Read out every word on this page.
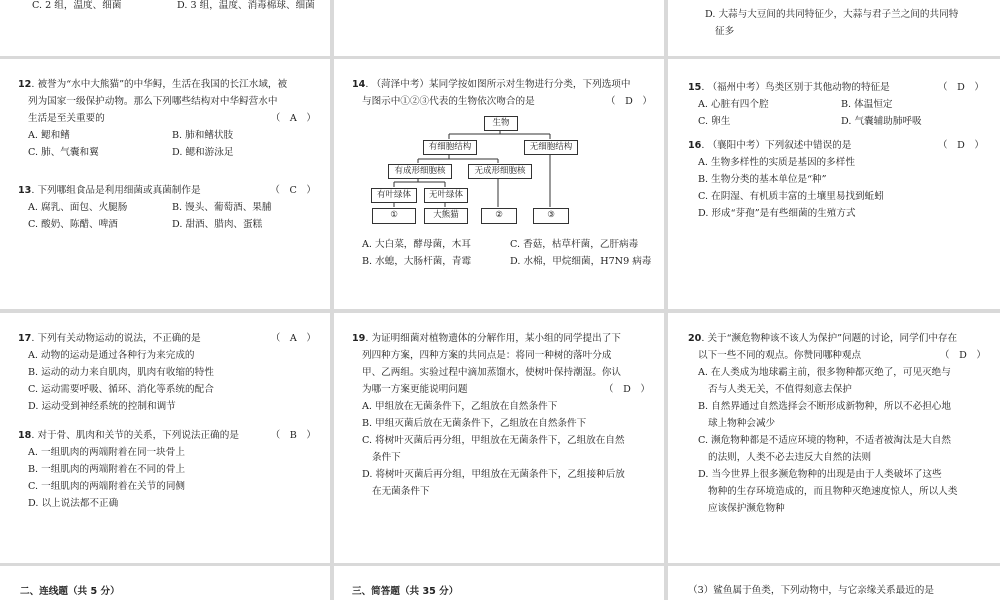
C. 2 组，温度、细菌	D. 3 组，温度、消毒棉球、细菌
D. 大蒜与大豆间的共同特征少，大蒜与君子兰之间的共同特
征多
12. 被誉为“水中大熊猫”的中华鲟，生活在我国的长江水域，被
列为国家一级保护动物。那么下列哪些结构对中华鲟营水中
生活是至关重要的	（　A　）
A. 鳃和鳍	B. 肺和鳍状肢
C. 肺、气囊和翼	D. 鳃和游泳足
13. 下列哪组食品是利用细菌或真菌制作是	（　C　）
A. 腐乳、面包、火腿肠	B. 馒头、葡萄酒、果脯
C. 酸奶、陈醋、啤酒	D. 甜酒、腊肉、蛋糕
14. （菏泽中考）某同学按如图所示对生物进行分类，下列选项中
与图示中①②③代表的生物依次吻合的是	（　D　）
生物
有细胞结构	无细胞结构
有成形细胞核	无成形细胞核
有叶绿体	无叶绿体
①	大熊猫	②	③
A. 大白菜，酵母菌，木耳	C. 香菇，枯草杆菌，乙肝病毒
B. 水螅，大肠杆菌，青霉	D. 水棉，甲烷细菌，H7N9 病毒
15. （福州中考）鸟类区别于其他动物的特征是	（　D　）
A. 心脏有四个腔	B. 体温恒定
C. 卵生	D. 气囊辅助肺呼吸
16. （襄阳中考）下列叙述中错误的是	（　D　）
A. 生物多样性的实质是基因的多样性
B. 生物分类的基本单位是“种”
C. 在阴湿、有机质丰富的土壤里易找到蚯蚓
D. 形成“芽孢”是有些细菌的生殖方式
17. 下列有关动物运动的说法，不正确的是	（　A　）
A. 动物的运动是通过各种行为来完成的
B. 运动的动力来自肌肉，肌肉有收缩的特性
C. 运动需要呼吸、循环、消化等系统的配合
D. 运动受到神经系统的控制和调节
18. 对于骨、肌肉和关节的关系，下列说法正确的是	（　B　）
A. 一组肌肉的两端附着在同一块骨上
B. 一组肌肉的两端附着在不同的骨上
C. 一组肌肉的两端附着在关节的同侧
D. 以上说法都不正确
19. 为证明细菌对植物遗体的分解作用，某小组的同学提出了下
列四种方案，四种方案的共同点是：将同一种树的落叶分成
甲、乙两组。实验过程中滴加蒸馏水，使树叶保持潮湿。你认
为哪一方案更能说明问题	（　D　）
A. 甲组放在无菌条件下，乙组放在自然条件下
B. 甲组灭菌后放在无菌条件下，乙组放在自然条件下
C. 将树叶灭菌后再分组，甲组放在无菌条件下，乙组放在自然
条件下
D. 将树叶灭菌后再分组，甲组放在无菌条件下，乙组接种后放
在无菌条件下
20. 关于“濒危物种该不该人为保护”问题的讨论，同学们中存在
以下一些不同的观点。你赞同哪种观点	（　D　）
A. 在人类成为地球霸主前，很多物种都灭绝了，可见灭绝与
否与人类无关，不值得刻意去保护
B. 自然界通过自然选择会不断形成新物种，所以不必担心地
球上物种会减少
C. 濒危物种都是不适应环境的物种，不适者被淘汰是大自然
的法则，人类不必去违反大自然的法则
D. 当今世界上很多濒危物种的出现是由于人类破坏了这些
物种的生存环境造成的，而且物种灭绝速度惊人，所以人类
应该保护濒危物种
二、连线题（共 5 分）	三、简答题（共 35 分）	（3）鲨鱼属于鱼类，下列动物中，与它亲缘关系最近的是
